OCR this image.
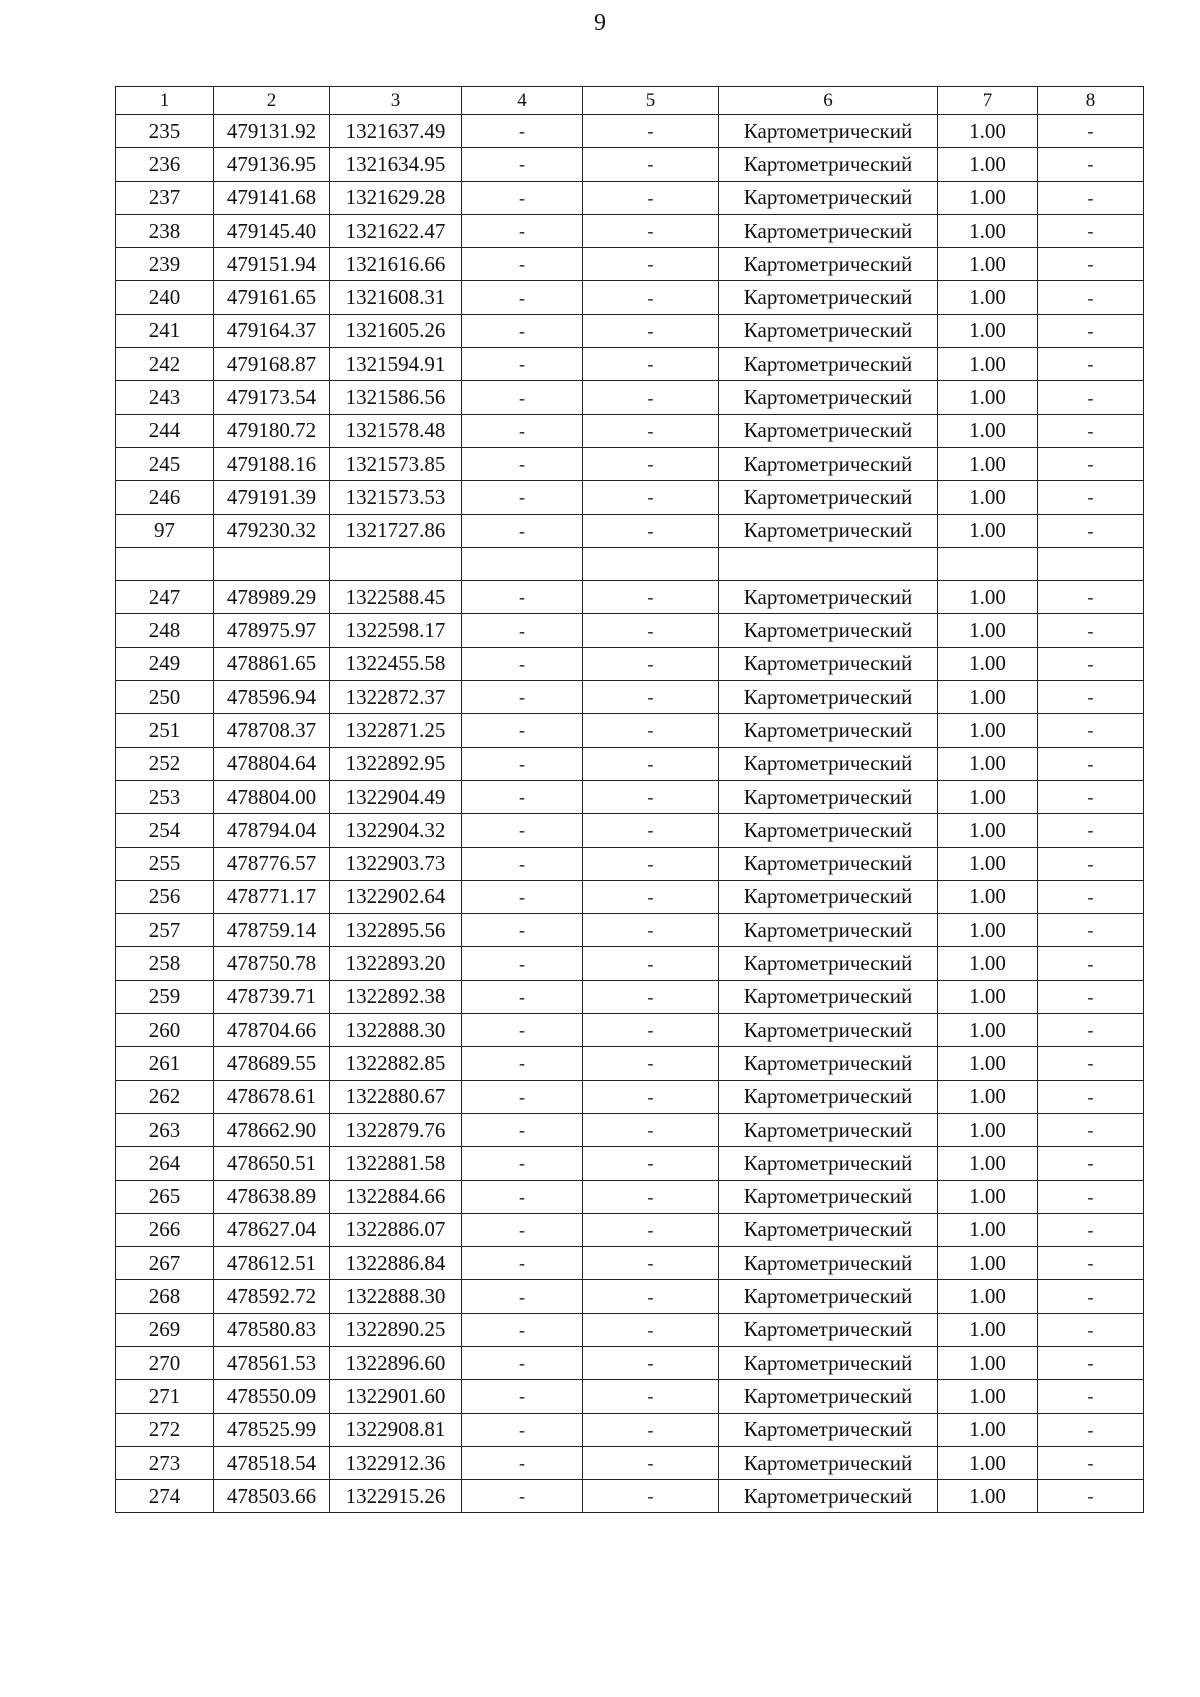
9
1	2	3	4	5	6	7	8
235	479131.92	1321637.49	-	-	Картометрический	1.00	-
236	479136.95	1321634.95	-	-	Картометрический	1.00	-
237	479141.68	1321629.28	-	-	Картометрический	1.00	-
238	479145.40	1321622.47	-	-	Картометрический	1.00	-
239	479151.94	1321616.66	-	-	Картометрический	1.00	-
240	479161.65	1321608.31	-	-	Картометрический	1.00	-
241	479164.37	1321605.26	-	-	Картометрический	1.00	-
242	479168.87	1321594.91	-	-	Картометрический	1.00	-
243	479173.54	1321586.56	-	-	Картометрический	1.00	-
244	479180.72	1321578.48	-	-	Картометрический	1.00	-
245	479188.16	1321573.85	-	-	Картометрический	1.00	-
246	479191.39	1321573.53	-	-	Картометрический	1.00	-
97	479230.32	1321727.86	-	-	Картометрический	1.00	-

247	478989.29	1322588.45	-	-	Картометрический	1.00	-
248	478975.97	1322598.17	-	-	Картометрический	1.00	-
249	478861.65	1322455.58	-	-	Картометрический	1.00	-
250	478596.94	1322872.37	-	-	Картометрический	1.00	-
251	478708.37	1322871.25	-	-	Картометрический	1.00	-
252	478804.64	1322892.95	-	-	Картометрический	1.00	-
253	478804.00	1322904.49	-	-	Картометрический	1.00	-
254	478794.04	1322904.32	-	-	Картометрический	1.00	-
255	478776.57	1322903.73	-	-	Картометрический	1.00	-
256	478771.17	1322902.64	-	-	Картометрический	1.00	-
257	478759.14	1322895.56	-	-	Картометрический	1.00	-
258	478750.78	1322893.20	-	-	Картометрический	1.00	-
259	478739.71	1322892.38	-	-	Картометрический	1.00	-
260	478704.66	1322888.30	-	-	Картометрический	1.00	-
261	478689.55	1322882.85	-	-	Картометрический	1.00	-
262	478678.61	1322880.67	-	-	Картометрический	1.00	-
263	478662.90	1322879.76	-	-	Картометрический	1.00	-
264	478650.51	1322881.58	-	-	Картометрический	1.00	-
265	478638.89	1322884.66	-	-	Картометрический	1.00	-
266	478627.04	1322886.07	-	-	Картометрический	1.00	-
267	478612.51	1322886.84	-	-	Картометрический	1.00	-
268	478592.72	1322888.30	-	-	Картометрический	1.00	-
269	478580.83	1322890.25	-	-	Картометрический	1.00	-
270	478561.53	1322896.60	-	-	Картометрический	1.00	-
271	478550.09	1322901.60	-	-	Картометрический	1.00	-
272	478525.99	1322908.81	-	-	Картометрический	1.00	-
273	478518.54	1322912.36	-	-	Картометрический	1.00	-
274	478503.66	1322915.26	-	-	Картометрический	1.00	-
